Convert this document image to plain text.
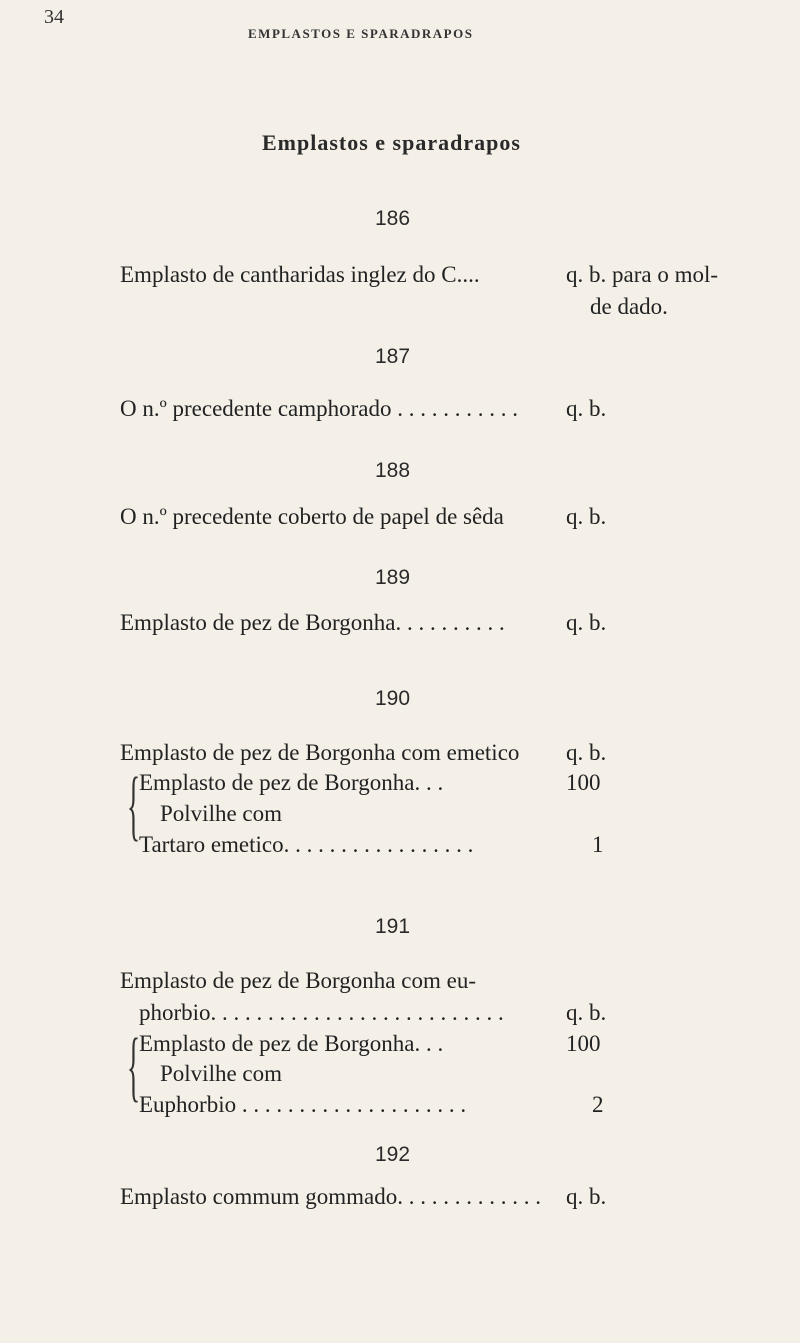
34
EMPLASTOS E SPARADRAPOS
Emplastos e sparadrapos
186
Emplasto de cantharidas inglez do C....	q. b. para o mol-
de dado.
187
O n.º precedente camphorado . . . . . . . . . . . q. b.
188
O n.º precedente coberto de papel de sêda	q. b.
189
Emplasto de pez de Borgonha. . . . . . . . . .	q. b.
190
Emplasto de pez de Borgonha com emetico q. b.
{
Emplasto de pez de Borgonha. . .	100
Polvilhe com
Tartaro emetico. . . . . . . . . . . . . . . . .	1
191
Emplasto de pez de Borgonha com eu-
phorbio. . . . . . . . . . . . . . . . . . . . . . . . . .	q. b.
{
Emplasto de pez de Borgonha. . .	100
Polvilhe com
Euphorbio . . . . . . . . . . . . . . . . . . . .	2
192
Emplasto commum gommado. . . . . . . . . . . . . q. b.
